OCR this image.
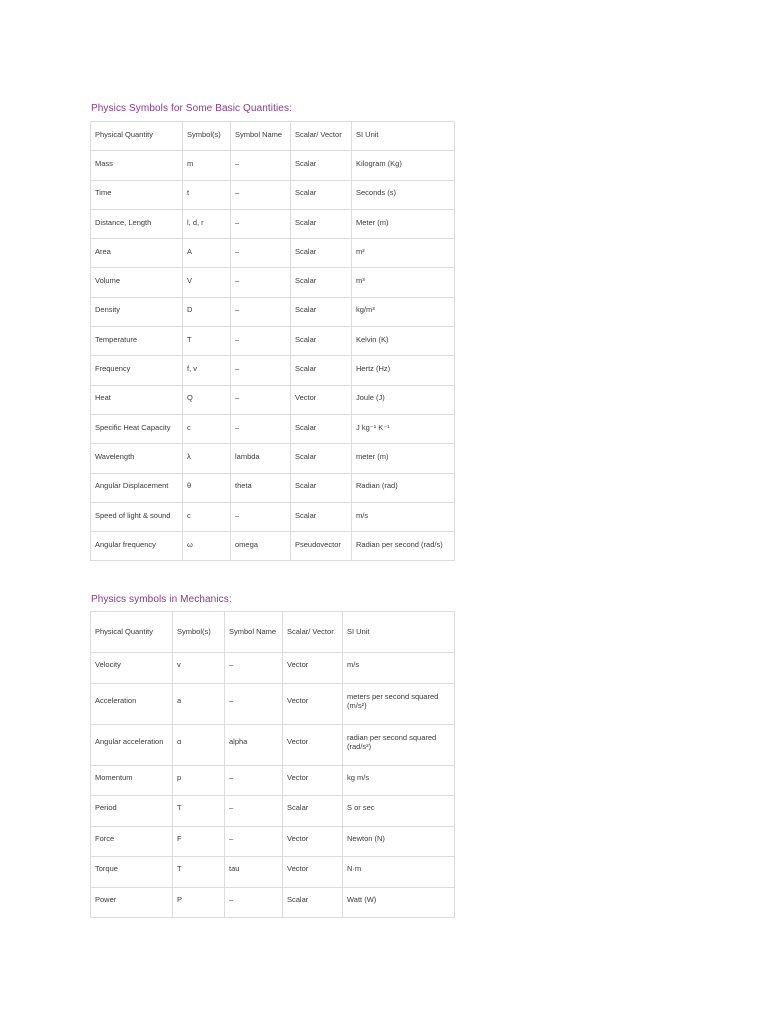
Physics Symbols for Some Basic Quantities:
Physical Quantity	Symbol(s)	Symbol Name	Scalar/ Vector	SI Unit
Mass	m	–	Scalar	Kilogram (Kg)
Time	t	–	Scalar	Seconds (s)
Distance, Length	l, d, r	–	Scalar	Meter (m)
Area	A	–	Scalar	m²
Volume	V	–	Scalar	m³
Density	D	–	Scalar	kg/m³
Temperature	T	–	Scalar	Kelvin (K)
Frequency	f, v	–	Scalar	Hertz (Hz)
Heat	Q	–	Vector	Joule (J)
Specific Heat Capacity	c	–	Scalar	J kg⁻¹ K⁻¹
Wavelength	λ	lambda	Scalar	meter (m)
Angular Displacement	θ	theta	Scalar	Radian (rad)
Speed of light & sound	c	–	Scalar	m/s
Angular frequency	ω	omega	Pseudovector	Radian per second (rad/s)
Physics symbols in Mechanics:
Physical Quantity	Symbol(s)	Symbol Name	Scalar/ Vector	SI Unit
Velocity	v	–	Vector	m/s
Acceleration	a	–	Vector	meters per second squared (m/s²)
Angular acceleration	α	alpha	Vector	radian per second squared (rad/s²)
Momentum	p	–	Vector	kg m/s
Period	T	–	Scalar	S or sec
Force	F	–	Vector	Newton (N)
Torque	T	tau	Vector	N·m
Power	P	–	Scalar	Watt (W)
